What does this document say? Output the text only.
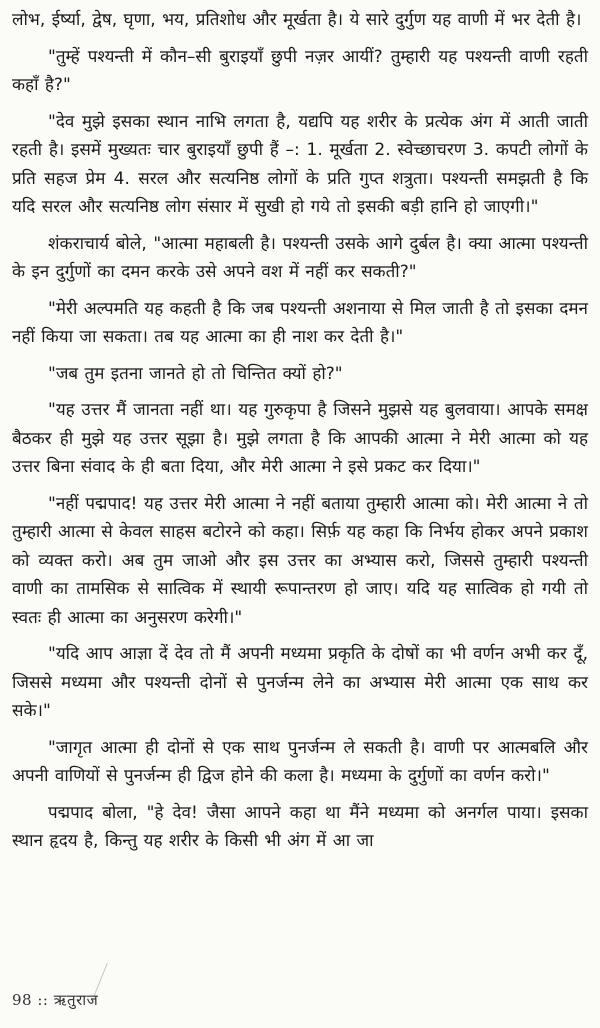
लोभ, ईर्ष्या, द्वेष, घृणा, भय, प्रतिशोध और मूर्खता है। ये सारे दुर्गुण यह वाणी में भर देती है।

"तुम्हें पश्यन्ती में कौन–सी बुराइयाँ छुपी नज़र आयीं? तुम्हारी यह पश्यन्ती वाणी रहती कहाँ है?"

"देव मुझे इसका स्थान नाभि लगता है, यद्यपि यह शरीर के प्रत्येक अंग में आती जाती रहती है। इसमें मुख्यतः चार बुराइयाँ छुपी हैं –: 1. मूर्खता 2. स्वेच्छाचरण 3. कपटी लोगों के प्रति सहज प्रेम 4. सरल और सत्यनिष्ठ लोगों के प्रति गुप्त शत्रुता। पश्यन्ती समझती है कि यदि सरल और सत्यनिष्ठ लोग संसार में सुखी हो गये तो इसकी बड़ी हानि हो जाएगी।"

शंकराचार्य बोले, "आत्मा महाबली है। पश्यन्ती उसके आगे दुर्बल है। क्या आत्मा पश्यन्ती के इन दुर्गुणों का दमन करके उसे अपने वश में नहीं कर सकती?"

"मेरी अल्पमति यह कहती है कि जब पश्यन्ती अशनाया से मिल जाती है तो इसका दमन नहीं किया जा सकता। तब यह आत्मा का ही नाश कर देती है।"

"जब तुम इतना जानते हो तो चिन्तित क्यों हो?"

"यह उत्तर मैं जानता नहीं था। यह गुरुकृपा है जिसने मुझसे यह बुलवाया। आपके समक्ष बैठकर ही मुझे यह उत्तर सूझा है। मुझे लगता है कि आपकी आत्मा ने मेरी आत्मा को यह उत्तर बिना संवाद के ही बता दिया, और मेरी आत्मा ने इसे प्रकट कर दिया।"

"नहीं पद्मपाद! यह उत्तर मेरी आत्मा ने नहीं बताया तुम्हारी आत्मा को। मेरी आत्मा ने तो तुम्हारी आत्मा से केवल साहस बटोरने को कहा। सिर्फ़ यह कहा कि निर्भय होकर अपने प्रकाश को व्यक्त करो। अब तुम जाओ और इस उत्तर का अभ्यास करो, जिससे तुम्हारी पश्यन्ती वाणी का तामसिक से सात्विक में स्थायी रूपान्तरण हो जाए। यदि यह सात्विक हो गयी तो स्वतः ही आत्मा का अनुसरण करेगी।"

"यदि आप आज्ञा दें देव तो मैं अपनी मध्यमा प्रकृति के दोषों का भी वर्णन अभी कर दूँ, जिससे मध्यमा और पश्यन्ती दोनों से पुनर्जन्म लेने का अभ्यास मेरी आत्मा एक साथ कर सके।"

"जागृत आत्मा ही दोनों से एक साथ पुनर्जन्म ले सकती है। वाणी पर आत्मबलि और अपनी वाणियों से पुनर्जन्म ही द्विज होने की कला है। मध्यमा के दुर्गुणों का वर्णन करो।"

पद्मपाद बोला, "हे देव! जैसा आपने कहा था मैंने मध्यमा को अनर्गल पाया। इसका स्थान हृदय है, किन्तु यह शरीर के किसी भी अंग में आ जा

98 :: ऋतुराज
